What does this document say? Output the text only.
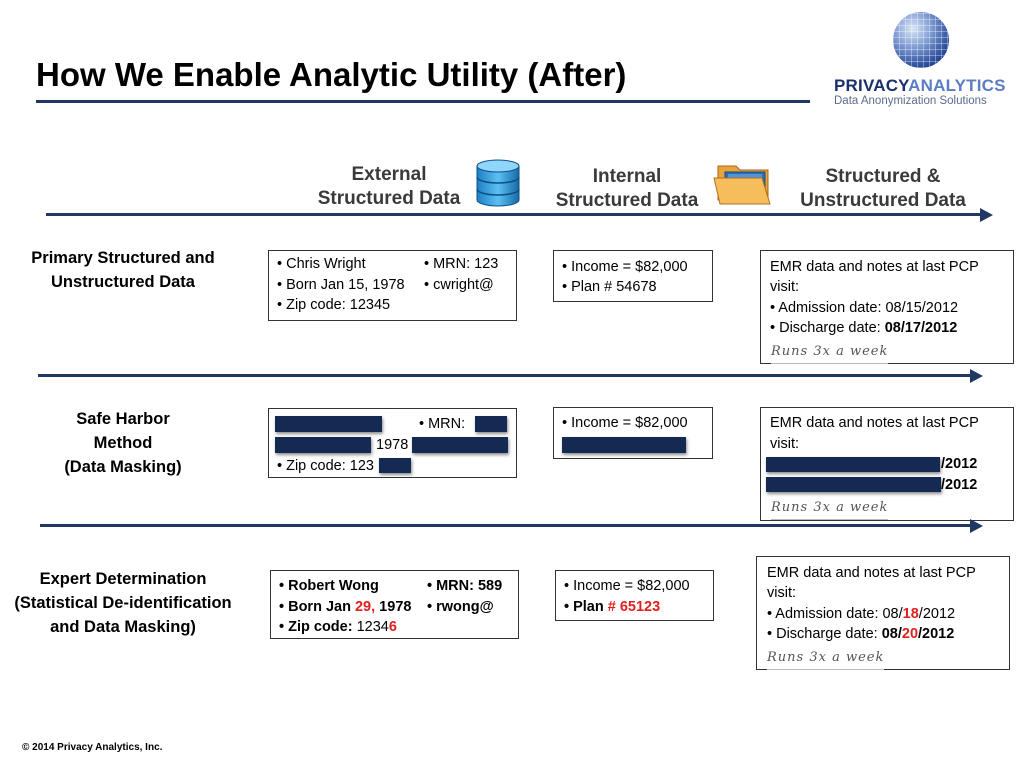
How We Enable Analytic Utility (After)	PRIVACYANALYTICS
Data Anonymization Solutions
External
Structured Data
Internal
Structured Data
Structured &
Unstructured Data
Primary Structured and
Unstructured Data
• Chris Wright
• Born Jan 15, 1978
• Zip code: 12345
• MRN: 123
• cwright@
• Income = $82,000
• Plan # 54678
EMR data and notes at last PCP
visit:
• Admission date: 08/15/2012
• Discharge date: 08/17/2012
Runs 3x a week
Safe Harbor
Method
(Data Masking)
• MRN:
1978
• Zip code: 123
• Income = $82,000	EMR data and notes at last PCP
visit:
/2012
/2012
Runs 3x a week
Expert Determination
(Statistical De-identification
and Data Masking)
• Robert Wong
• Born Jan 29, 1978
• Zip code: 12346
• MRN: 589
• rwong@
• Income = $82,000
• Plan # 65123
EMR data and notes at last PCP
visit:
• Admission date: 08/18/2012
• Discharge date: 08/20/2012
Runs 3x a week
© 2014 Privacy Analytics, Inc.
